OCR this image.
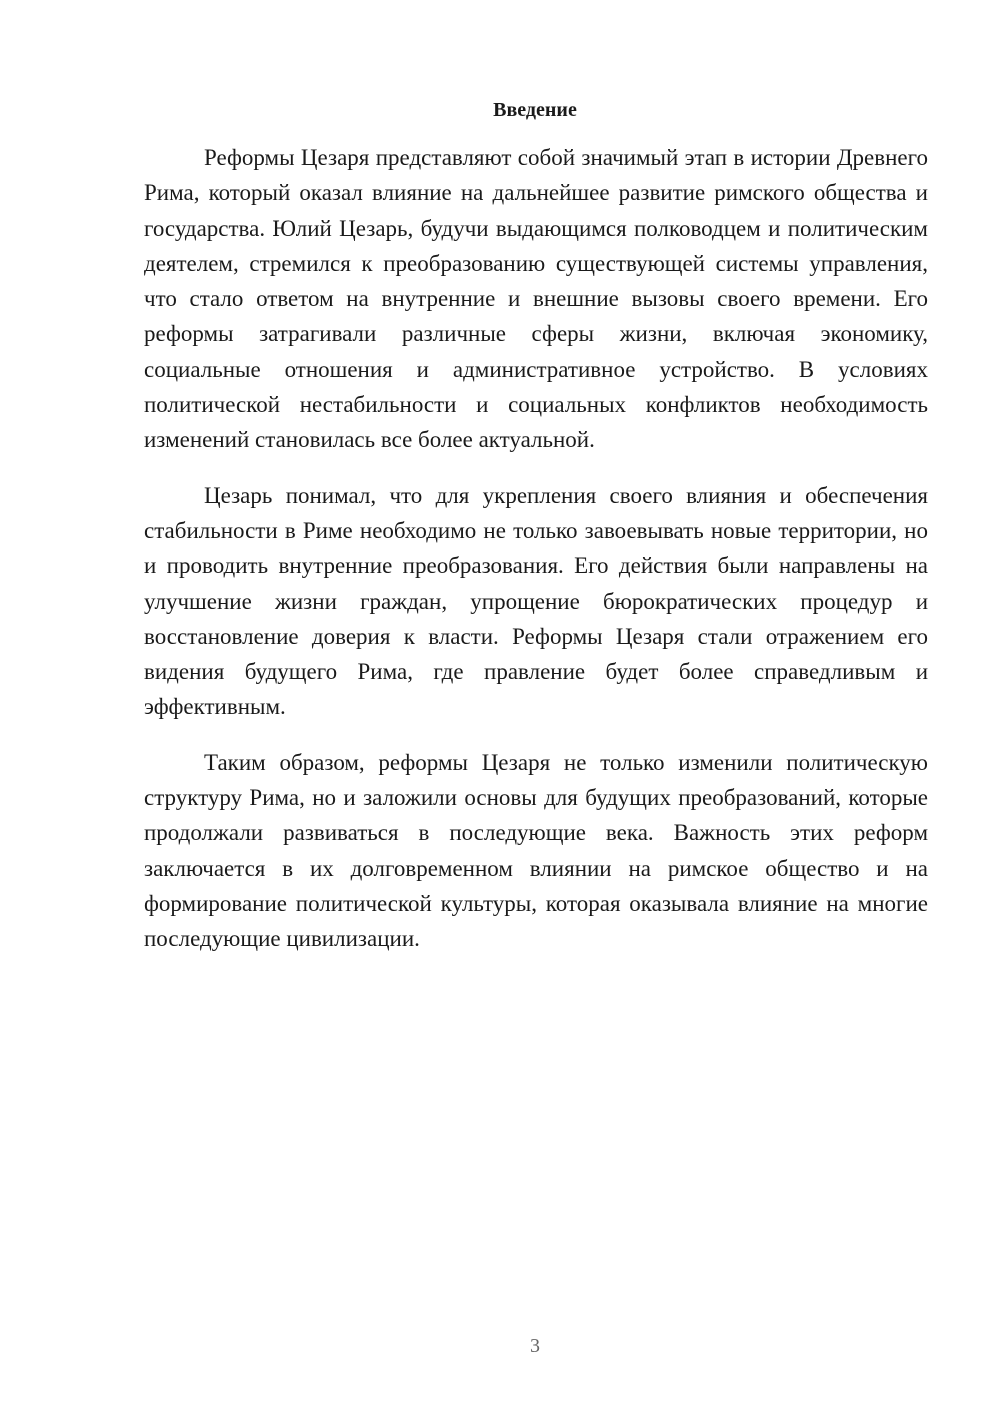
Введение

Реформы Цезаря представляют собой значимый этап в истории Древнего Рима, который оказал влияние на дальнейшее развитие римского общества и государства. Юлий Цезарь, будучи выдающимся полководцем и политическим деятелем, стремился к преобразованию существующей системы управления, что стало ответом на внутренние и внешние вызовы своего времени. Его реформы затрагивали различные сферы жизни, включая экономику, социальные отношения и административное устройство. В условиях политической нестабильности и социальных конфликтов необходимость изменений становилась все более актуальной.

Цезарь понимал, что для укрепления своего влияния и обеспечения стабильности в Риме необходимо не только завоевывать новые территории, но и проводить внутренние преобразования. Его действия были направлены на улучшение жизни граждан, упрощение бюрократических процедур и восстановление доверия к власти. Реформы Цезаря стали отражением его видения будущего Рима, где правление будет более справедливым и эффективным.

Таким образом, реформы Цезаря не только изменили политическую структуру Рима, но и заложили основы для будущих преобразований, которые продолжали развиваться в последующие века. Важность этих реформ заключается в их долговременном влиянии на римское общество и на формирование политической культуры, которая оказывала влияние на многие последующие цивилизации.

3
